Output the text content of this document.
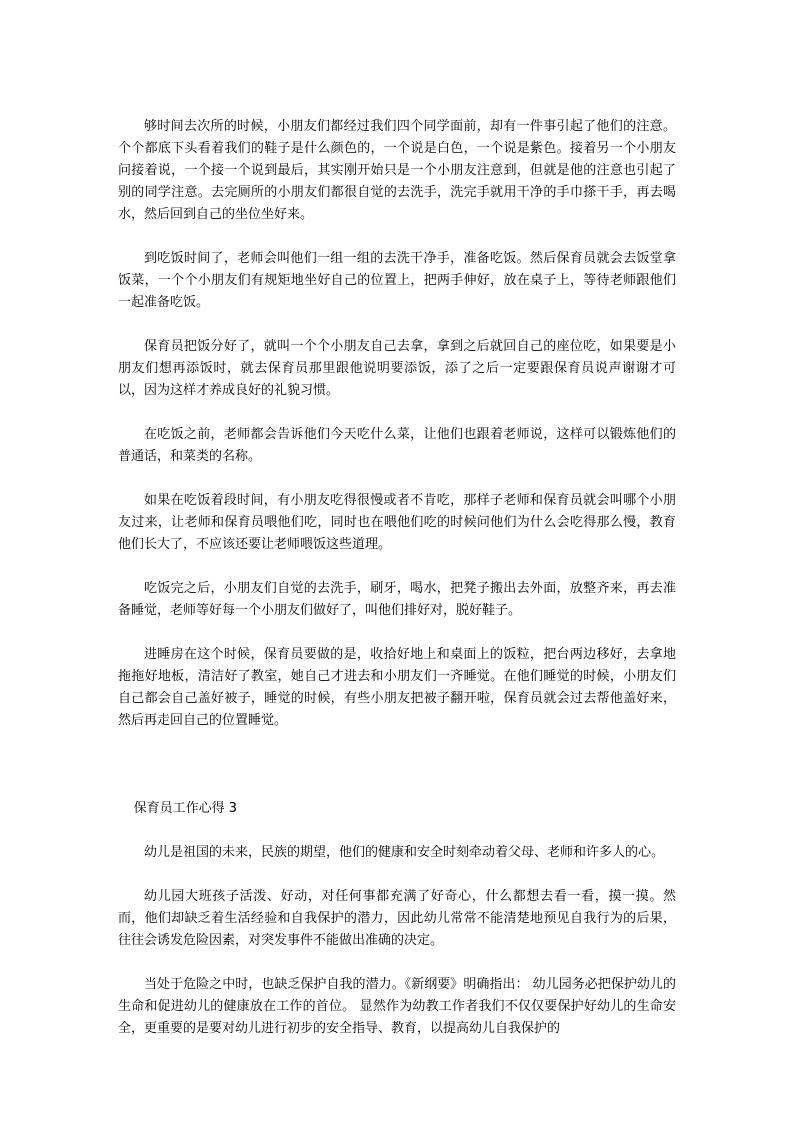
够时间去次所的时候，小朋友们都经过我们四个同学面前，却有一件事引起了他们的注意。个个都底下头看着我们的鞋子是什么颜色的，一个说是白色，一个说是紫色。接着另一个小朋友问接着说，一个接一个说到最后，其实刚开始只是一个小朋友注意到，但就是他的注意也引起了别的同学注意。去完厕所的小朋友们都很自觉的去洗手，洗完手就用干净的手巾搽干手，再去喝水，然后回到自己的坐位坐好来。

到吃饭时间了，老师会叫他们一组一组的去洗干净手，准备吃饭。然后保育员就会去饭堂拿饭菜，一个个小朋友们有规矩地坐好自己的位置上，把两手伸好，放在桌子上，等待老师跟他们一起准备吃饭。

保育员把饭分好了，就叫一个个小朋友自己去拿，拿到之后就回自己的座位吃，如果要是小朋友们想再添饭时，就去保育员那里跟他说明要添饭，添了之后一定要跟保育员说声谢谢才可以，因为这样才养成良好的礼貌习惯。

在吃饭之前，老师都会告诉他们今天吃什么菜，让他们也跟着老师说，这样可以锻炼他们的普通话，和菜类的名称。

如果在吃饭着段时间，有小朋友吃得很慢或者不肯吃，那样子老师和保育员就会叫哪个小朋友过来，让老师和保育员喂他们吃，同时也在喂他们吃的时候问他们为什么会吃得那么慢，教育他们长大了，不应该还要让老师喂饭这些道理。

吃饭完之后，小朋友们自觉的去洗手，刷牙，喝水，把凳子搬出去外面，放整齐来，再去准备睡觉，老师等好每一个小朋友们做好了，叫他们排好对，脱好鞋子。

进睡房在这个时候，保育员要做的是，收拾好地上和桌面上的饭粒，把台两边移好，去拿地拖拖好地板，清洁好了教室，她自己才进去和小朋友们一齐睡觉。在他们睡觉的时候，小朋友们自己都会自己盖好被子，睡觉的时候，有些小朋友把被子翻开啦，保育员就会过去帮他盖好来，然后再走回自己的位置睡觉。

保育员工作心得 3

幼儿是祖国的未来，民族的期望，他们的健康和安全时刻牵动着父母、老师和许多人的心。

幼儿园大班孩子活泼、好动，对任何事都充满了好奇心，什么都想去看一看，摸一摸。然而，他们却缺乏着生活经验和自我保护的潜力，因此幼儿常常不能清楚地预见自我行为的后果，往往会诱发危险因素，对突发事件不能做出准确的决定。

当处于危险之中时，也缺乏保护自我的潜力。《新纲要》明确指出： 幼儿园务必把保护幼儿的生命和促进幼儿的健康放在工作的首位。 显然作为幼教工作者我们不仅仅要保护好幼儿的生命安全，更重要的是要对幼儿进行初步的安全指导、教育，以提高幼儿自我保护的
